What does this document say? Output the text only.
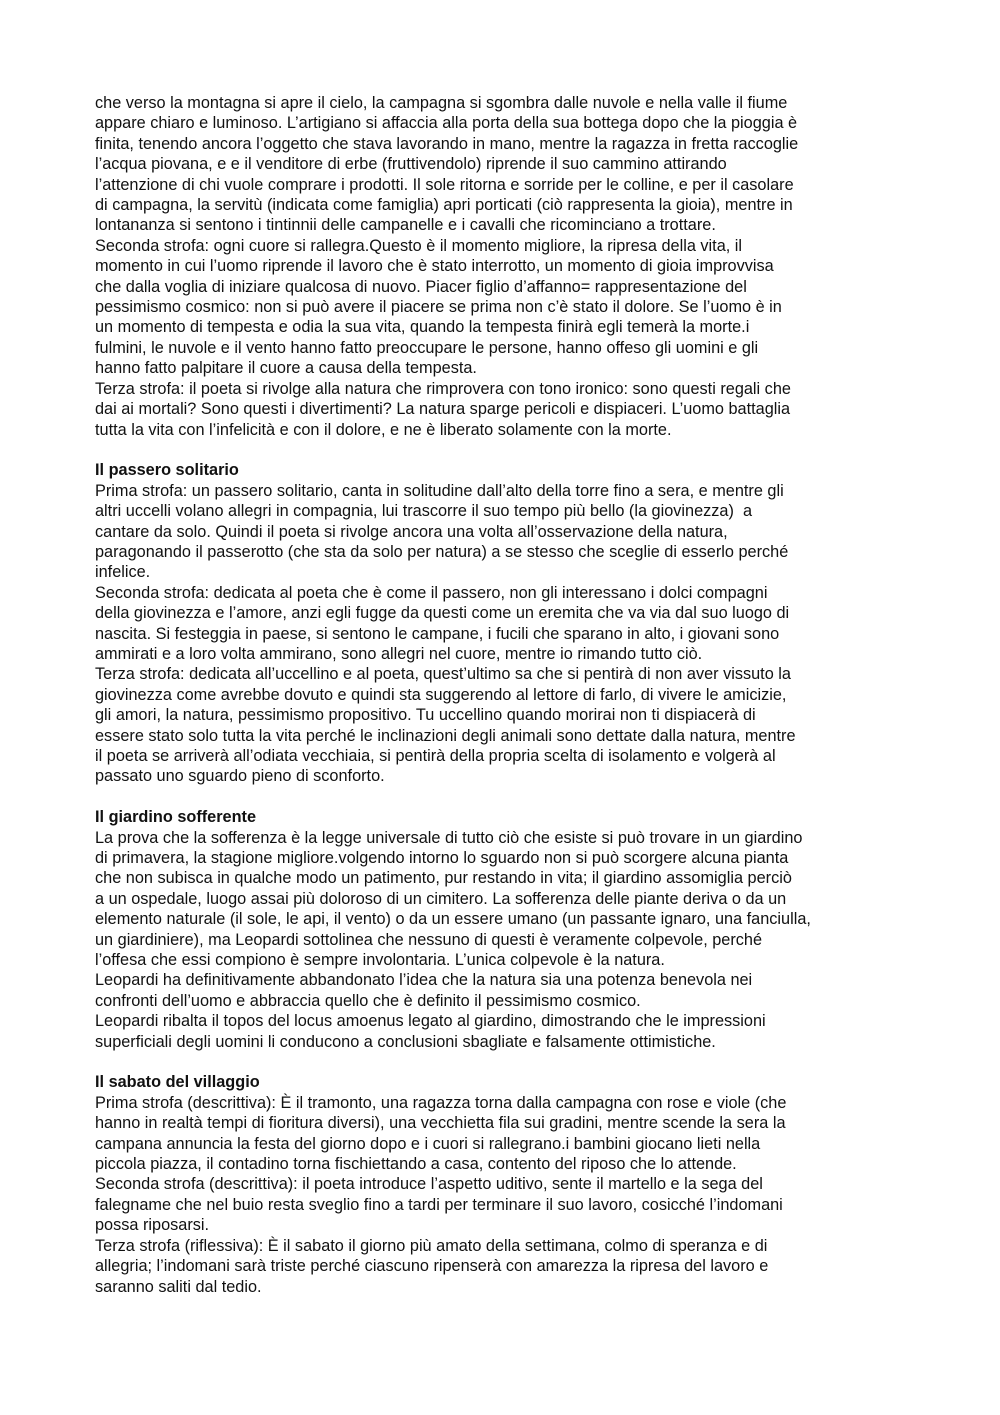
che verso la montagna si apre il cielo, la campagna si sgombra dalle nuvole e nella valle il fiume
appare chiaro e luminoso. L’artigiano si affaccia alla porta della sua bottega dopo che la pioggia è
finita, tenendo ancora l’oggetto che stava lavorando in mano, mentre la ragazza in fretta raccoglie
l’acqua piovana, e e il venditore di erbe (fruttivendolo) riprende il suo cammino attirando
l’attenzione di chi vuole comprare i prodotti. Il sole ritorna e sorride per le colline, e per il casolare
di campagna, la servitù (indicata come famiglia) apri porticati (ciò rappresenta la gioia), mentre in
lontananza si sentono i tintinnii delle campanelle e i cavalli che ricominciano a trottare.
Seconda strofa: ogni cuore si rallegra.Questo è il momento migliore, la ripresa della vita, il
momento in cui l’uomo riprende il lavoro che è stato interrotto, un momento di gioia improvvisa
che dalla voglia di iniziare qualcosa di nuovo. Piacer figlio d’affanno= rappresentazione del
pessimismo cosmico: non si può avere il piacere se prima non c’è stato il dolore. Se l’uomo è in
un momento di tempesta e odia la sua vita, quando la tempesta finirà egli temerà la morte.i
fulmini, le nuvole e il vento hanno fatto preoccupare le persone, hanno offeso gli uomini e gli
hanno fatto palpitare il cuore a causa della tempesta.
Terza strofa: il poeta si rivolge alla natura che rimprovera con tono ironico: sono questi regali che
dai ai mortali? Sono questi i divertimenti? La natura sparge pericoli e dispiaceri. L’uomo battaglia
tutta la vita con l’infelicità e con il dolore, e ne è liberato solamente con la morte.
Il passero solitario
Prima strofa: un passero solitario, canta in solitudine dall’alto della torre fino a sera, e mentre gli
altri uccelli volano allegri in compagnia, lui trascorre il suo tempo più bello (la giovinezza)  a
cantare da solo. Quindi il poeta si rivolge ancora una volta all’osservazione della natura,
paragonando il passerotto (che sta da solo per natura) a se stesso che sceglie di esserlo perché
infelice.
Seconda strofa: dedicata al poeta che è come il passero, non gli interessano i dolci compagni
della giovinezza e l’amore, anzi egli fugge da questi come un eremita che va via dal suo luogo di
nascita. Si festeggia in paese, si sentono le campane, i fucili che sparano in alto, i giovani sono
ammirati e a loro volta ammirano, sono allegri nel cuore, mentre io rimando tutto ciò.
Terza strofa: dedicata all’uccellino e al poeta, quest’ultimo sa che si pentirà di non aver vissuto la
giovinezza come avrebbe dovuto e quindi sta suggerendo al lettore di farlo, di vivere le amicizie,
gli amori, la natura, pessimismo propositivo. Tu uccellino quando morirai non ti dispiacerà di
essere stato solo tutta la vita perché le inclinazioni degli animali sono dettate dalla natura, mentre
il poeta se arriverà all’odiata vecchiaia, si pentirà della propria scelta di isolamento e volgerà al
passato uno sguardo pieno di sconforto.
Il giardino sofferente
La prova che la sofferenza è la legge universale di tutto ciò che esiste si può trovare in un giardino
di primavera, la stagione migliore.volgendo intorno lo sguardo non si può scorgere alcuna pianta
che non subisca in qualche modo un patimento, pur restando in vita; il giardino assomiglia perciò
a un ospedale, luogo assai più doloroso di un cimitero. La sofferenza delle piante deriva o da un
elemento naturale (il sole, le api, il vento) o da un essere umano (un passante ignaro, una fanciulla,
un giardiniere), ma Leopardi sottolinea che nessuno di questi è veramente colpevole, perché
l’offesa che essi compiono è sempre involontaria. L’unica colpevole è la natura.
Leopardi ha definitivamente abbandonato l’idea che la natura sia una potenza benevola nei
confronti dell’uomo e abbraccia quello che è definito il pessimismo cosmico.
Leopardi ribalta il topos del locus amoenus legato al giardino, dimostrando che le impressioni
superficiali degli uomini li conducono a conclusioni sbagliate e falsamente ottimistiche.
Il sabato del villaggio
Prima strofa (descrittiva): È il tramonto, una ragazza torna dalla campagna con rose e viole (che
hanno in realtà tempi di fioritura diversi), una vecchietta fila sui gradini, mentre scende la sera la
campana annuncia la festa del giorno dopo e i cuori si rallegrano.i bambini giocano lieti nella
piccola piazza, il contadino torna fischiettando a casa, contento del riposo che lo attende.
Seconda strofa (descrittiva): il poeta introduce l’aspetto uditivo, sente il martello e la sega del
falegname che nel buio resta sveglio fino a tardi per terminare il suo lavoro, cosicché l’indomani
possa riposarsi.
Terza strofa (riflessiva): È il sabato il giorno più amato della settimana, colmo di speranza e di
allegria; l’indomani sarà triste perché ciascuno ripenserà con amarezza la ripresa del lavoro e
saranno saliti dal tedio.
